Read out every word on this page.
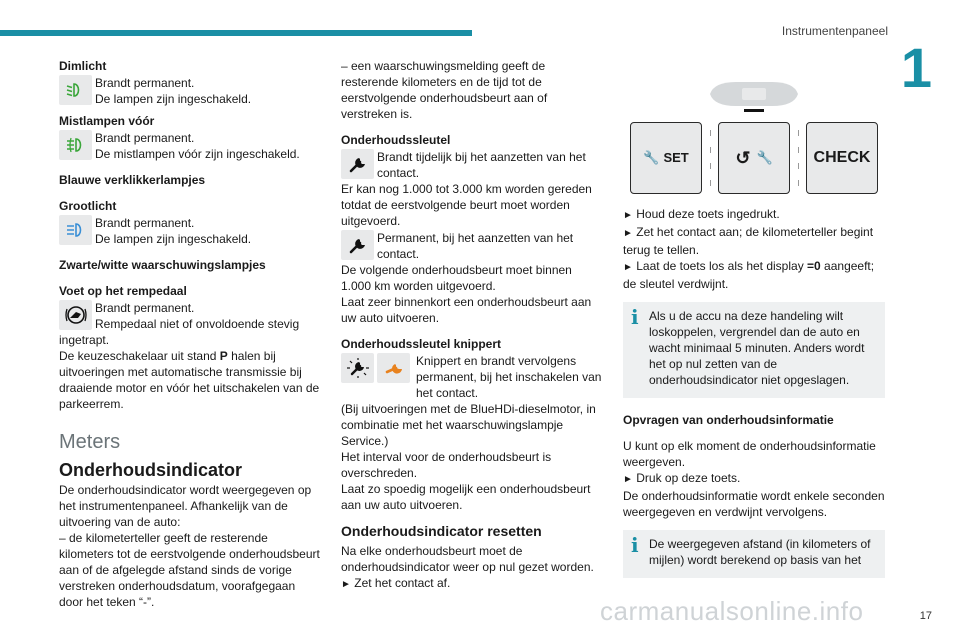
Instrumentenpaneel
1
17
carmanualsonline.info
Dimlicht
Brandt permanent.
De lampen zijn ingeschakeld.
Mistlampen vóór
Brandt permanent.
De mistlampen vóór zijn ingeschakeld.
Blauwe verklikkerlampjes
Grootlicht
Brandt permanent.
De lampen zijn ingeschakeld.
Zwarte/witte waarschuwingslampjes
Voet op het rempedaal
Brandt permanent.
Rempedaal niet of onvoldoende stevig
ingetrapt.
De keuzeschakelaar uit stand P halen bij uitvoeringen met automatische transmissie bij draaiende motor en vóór het uitschakelen van de parkeerrem.
Meters
Onderhoudsindicator
De onderhoudsindicator wordt weergegeven op het instrumentenpaneel. Afhankelijk van de uitvoering van de auto:
– de kilometerteller geeft de resterende kilometers tot de eerstvolgende onderhoudsbeurt aan of de afgelegde afstand sinds de vorige verstreken onderhoudsdatum, voorafgegaan door het teken “-”.
– een waarschuwingsmelding geeft de resterende kilometers en de tijd tot de eerstvolgende onderhoudsbeurt aan of verstreken is.
Onderhoudssleutel
Brandt tijdelijk bij het aanzetten van het contact.
Er kan nog 1.000 tot 3.000 km worden gereden totdat de eerstvolgende beurt moet worden uitgevoerd.
Permanent, bij het aanzetten van het contact.
De volgende onderhoudsbeurt moet binnen 1.000 km worden uitgevoerd.
Laat zeer binnenkort een onderhoudsbeurt aan uw auto uitvoeren.
Onderhoudssleutel knippert
Knippert en brandt vervolgens permanent, bij het inschakelen van het contact.
(Bij uitvoeringen met de BlueHDi-dieselmotor, in combinatie met het waarschuwingslampje Service.)
Het interval voor de onderhoudsbeurt is overschreden.
Laat zo spoedig mogelijk een onderhoudsbeurt aan uw auto uitvoeren.
Onderhoudsindicator resetten
Na elke onderhoudsbeurt moet de onderhoudsindicator weer op nul gezet worden.
► Zet het contact af.
🔧 SET	↺ 🔧	CHECK
► Houd deze toets ingedrukt.
► Zet het contact aan; de kilometerteller begint terug te tellen.
► Laat de toets los als het display =0 aangeeft; de sleutel verdwijnt.
i Als u de accu na deze handeling wilt loskoppelen, vergrendel dan de auto en wacht minimaal 5 minuten. Anders wordt het op nul zetten van de onderhoudsindicator niet opgeslagen.
Opvragen van onderhoudsinformatie
U kunt op elk moment de onderhoudsinformatie weergeven.
► Druk op deze toets.
De onderhoudsinformatie wordt enkele seconden weergegeven en verdwijnt vervolgens.
i De weergegeven afstand (in kilometers of mijlen) wordt berekend op basis van het
